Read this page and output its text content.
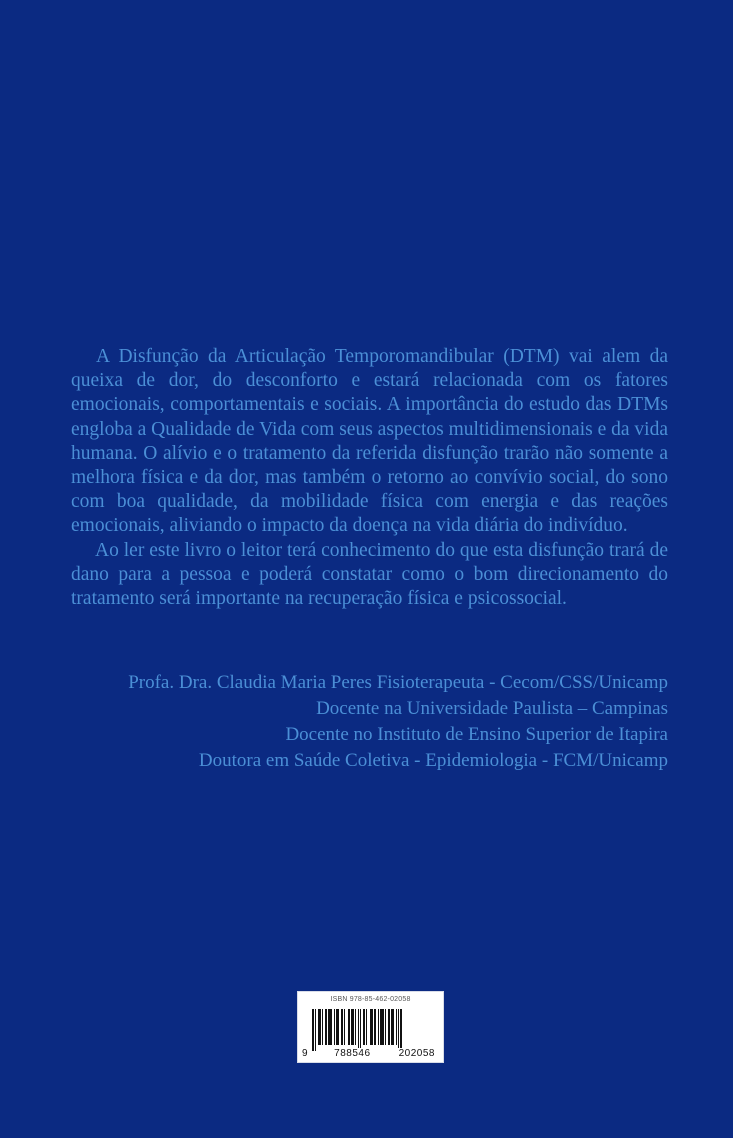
A Disfunção da Articulação Temporomandibular (DTM) vai alem da queixa de dor, do desconforto e estará relacionada com os fatores emocionais, comportamentais e sociais. A importância do estudo das DTMs engloba a Qualidade de Vida com seus aspectos multidimensionais e da vida humana. O alívio e o tratamento da referida disfunção trarão não somente a melhora física e da dor, mas também o retorno ao convívio social, do sono com boa qualidade, da mobilidade física com energia e das reações emocionais, aliviando o impacto da doença na vida diária do indivíduo.

Ao ler este livro o leitor terá conhecimento do que esta disfunção trará de dano para a pessoa e poderá constatar como o bom direcionamento do tratamento será importante na recuperação física e psicossocial.

Profa. Dra. Claudia Maria Peres Fisioterapeuta - Cecom/CSS/Unicamp
Docente na Universidade Paulista – Campinas
Docente no Instituto de Ensino Superior de Itapira
Doutora em Saúde Coletiva - Epidemiologia - FCM/Unicamp
ISBN 978-85-462-02058
9	788546	202058
